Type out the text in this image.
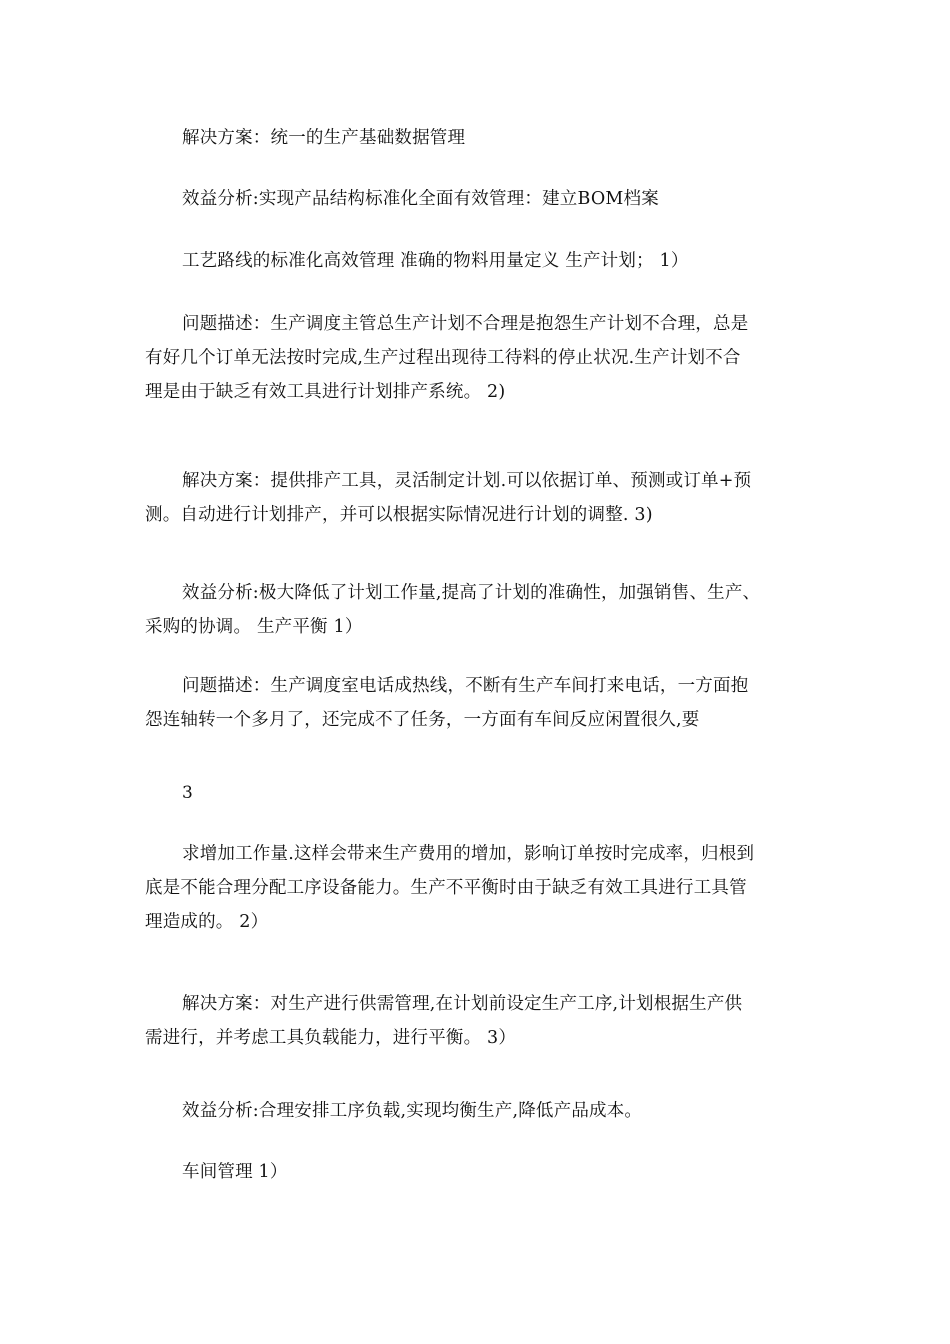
解决方案：统一的生产基础数据管理

效益分析:实现产品结构标准化全面有效管理：建立BOM档案

工艺路线的标准化高效管理 准确的物料用量定义 生产计划； 1）

问题描述：生产调度主管总生产计划不合理是抱怨生产计划不合理，总是
有好几个订单无法按时完成,生产过程出现待工待料的停止状况.生产计划不合
理是由于缺乏有效工具进行计划排产系统。 2)

解决方案：提供排产工具，灵活制定计划.可以依据订单、预测或订单+预
测。自动进行计划排产，并可以根据实际情况进行计划的调整. 3)

效益分析:极大降低了计划工作量,提高了计划的准确性，加强销售、生产、
采购的协调。 生产平衡 1）

问题描述：生产调度室电话成热线，不断有生产车间打来电话，一方面抱
怨连轴转一个多月了，还完成不了任务，一方面有车间反应闲置很久,要

3

求增加工作量.这样会带来生产费用的增加，影响订单按时完成率，归根到
底是不能合理分配工序设备能力。生产不平衡时由于缺乏有效工具进行工具管
理造成的。 2）

解决方案：对生产进行供需管理,在计划前设定生产工序,计划根据生产供
需进行，并考虑工具负载能力，进行平衡。 3）

效益分析:合理安排工序负载,实现均衡生产,降低产品成本。

车间管理 1）
